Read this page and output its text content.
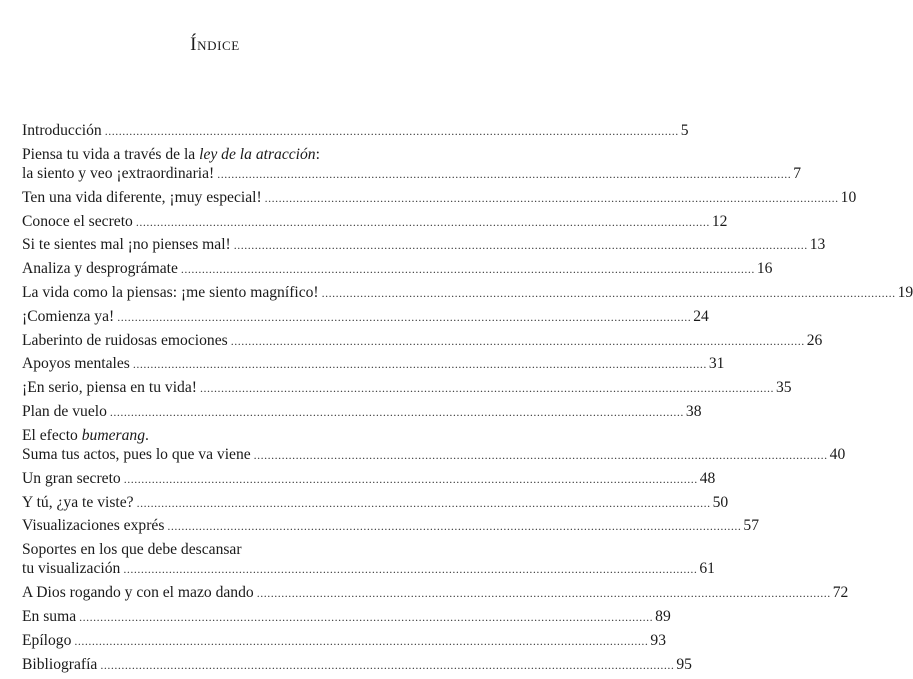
Índice
Introducción .....	5
Piensa tu vida a través de la ley de la atracción:
la siento y veo ¡extraordinaria! .....	7
Ten una vida diferente, ¡muy especial! .....	10
Conoce el secreto .....	12
Si te sientes mal ¡no pienses mal! .....	13
Analiza y desprográmate .....	16
La vida como la piensas: ¡me siento magnífico! .....	19
¡Comienza ya! .....	24
Laberinto de ruidosas emociones .....	26
Apoyos mentales .....	31
¡En serio, piensa en tu vida! .....	35
Plan de vuelo .....	38
El efecto bumerang.
Suma tus actos, pues lo que va viene .....	40
Un gran secreto .....	48
Y tú, ¿ya te viste? .....	50
Visualizaciones exprés .....	57
Soportes en los que debe descansar
tu visualización .....	61
A Dios rogando y con el mazo dando .....	72
En suma .....	89
Epílogo .....	93
Bibliografía .....	95
